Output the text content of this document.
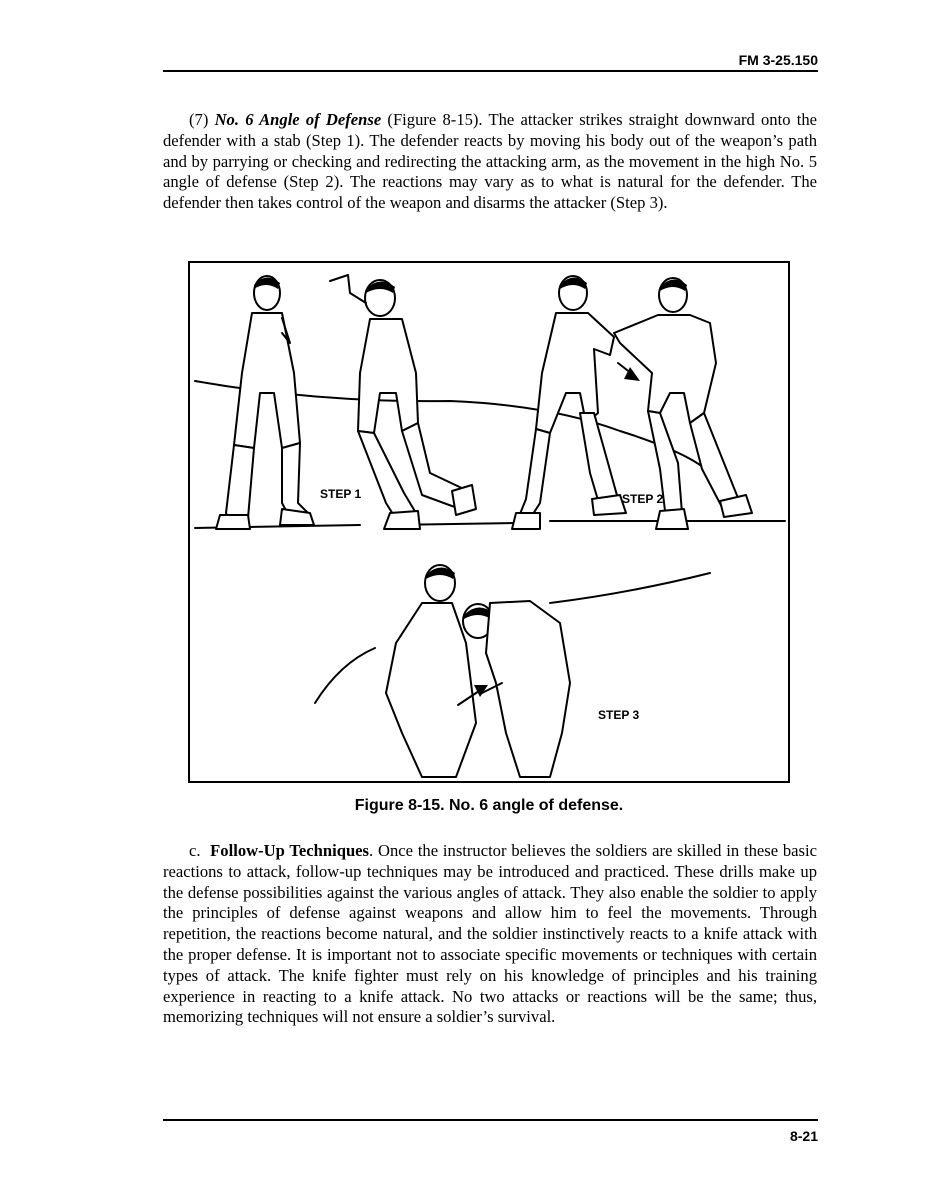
FM 3-25.150

(7) No. 6 Angle of Defense (Figure 8-15). The attacker strikes straight downward onto the defender with a stab (Step 1). The defender reacts by moving his body out of the weapon’s path and by parrying or checking and redirecting the attacking arm, as the movement in the high No. 5 angle of defense (Step 2). The reactions may vary as to what is natural for the defender. The defender then takes control of the weapon and disarms the attacker (Step 3).

STEP 1	STEP 2
STEP 3
Figure 8-15. No. 6 angle of defense.

c. Follow-Up Techniques. Once the instructor believes the soldiers are skilled in these basic reactions to attack, follow-up techniques may be introduced and practiced. These drills make up the defense possibilities against the various angles of attack. They also enable the soldier to apply the principles of defense against weapons and allow him to feel the movements. Through repetition, the reactions become natural, and the soldier instinctively reacts to a knife attack with the proper defense. It is important not to associate specific movements or techniques with certain types of attack. The knife fighter must rely on his knowledge of principles and his training experience in reacting to a knife attack. No two attacks or reactions will be the same; thus, memorizing techniques will not ensure a soldier’s survival.

8-21
